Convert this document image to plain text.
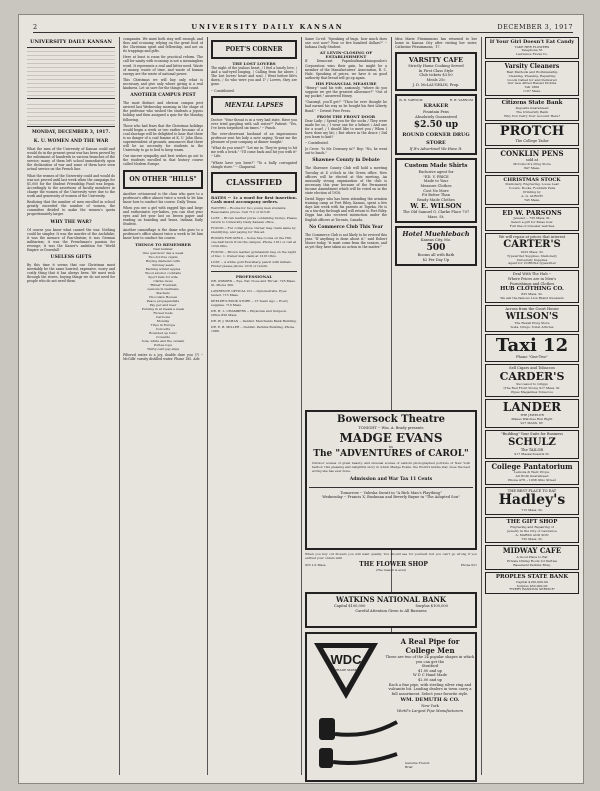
2	UNIVERSITY DAILY KANSAN	DECEMBER 3, 1917
UNIVERSITY DAILY KANSAN
MONDAY, DECEMBER 3, 1917.
K. U. WOMEN AND THE WAR

What the men of the University of Kansas could and would do in the present great war has been proved by the enlistment of hundreds in various branches of the service; many of them left school immediately upon the declaration of war and some of them have seen actual service on the French line.

What the women of the University could and would do was not proved until last week when the campaign for $1,000 for the Student Friendship Fund was begun. Accordingly to the assertions of faculty members in charge the women of the University were due to the work and generosity of women of the University.

Realizing that the number of men enrolled in school greatly exceeded the number of women, the committee divided to make the women's quota proportionately larger.

WHY THE WAR?

Of course you know what caused the war. Nothing could be simpler. It was the murder of the Archduke; it was the menace of Pan-slavism; it was German militarism; it was the Frenchman's passion for revenge; it was the Kaiser's ambition for 'World Empire or Downfall.'

USELESS GIFTS

By this time it seems that our Christmas must inevitably be the same hurried, expensive, worry and costly thing that it has always been. We must rush through the stores, buying things we do not need for people who do not need them.

companies. We must both stay well enough, and thus and economy, relying on the great food of the Christmas spirit and fellowship, and not on its trappings and gifts.

Here at least is room for practical reform. The call for sanity with economy is not a meaningless word. It represents a real and bitter need. Waste of money, waste of time, and waste of human energy are the waste of national power.

This Christmas we will buy only what is necessary and give only where giving is a real kindness. Let us save for the things that count.

ANOTHER CAMPUS PEST

The most distinct and obvious campus pest arrived last Wednesday morning in the shape of the professor who wished the students a joyous holiday and then assigned a quiz for the Monday following.

Those who had fears that the Christmas holidays would begin a week or two earlier because of a coal shortage will be delighted to hear that there is no danger of a coal famine at K. U. John Shea, superintendent of grounds, announces that there will be no necessity for students in the University to go to bed to keep warm.

Our sincere sympathy and best wishes go out to the students enrolled in that history course called Modern Europe.

ON OTHER "HILLS"

Another cottonwood is the class who gave to a professor's office almost twice a week to let him know how to conduct his course. Daily Texan.

When you see a girl with ragged lips and large and enthusiastic eye-lashes, you can shut your eyes and bet your last on brown paper and reading on boarding and brass. Indiana Daily Student.

Another camouflage is the dame who goes to a professor's office almost twice a week to let him know how to conduct his course.

THINGS TO REMEMBER
Nail number
One quiz-hour day a week
Two-for-five cigars
Buying diamond cuffs
Subway seats
Packing winter apples
Wood alcohol cocktails
Sport hats for wife
Clarke moss
"Ritual" Fountain
Lemons in Germans
Slackers
Chocolate Houses
Peace propagandists
Pay per and beer
Pursing in at meals a week
Flower beds
Cartoons
Monday
Trips in Europe
Concerts
Rounded up tonic
Cowards
Sole, white and the cerasin
Puttee tops
Thirty-cent pay-slips

Filtered water is a joy, double dare you (?) -- McGills' varsity distilled water. Phone 185. Adv.

POET'S CORNER
THE LOST LOVERS

The night of the jealous heart, / I feel a lonely love, / And a sad-eyed longing, / Calling from far above. / The lost lovers' heart and soul, / Went before life's dawn, / So who were you and I? / Lovers, they are gone.

-- Contributed.

MENTAL LAPSES

Doctor: "Your throat is in a very bad state. Have you ever tried gargling with salt water?" Patient: "Yes, I've been torpedoed six times." -- Punch.

The ever-observant husband of an impecunious professor sent his lady a note saying 'Grant me the pleasure of your company at dinner tonight.'

"What do you want?" "Let me in. They're going to hit me with a brick." "I'll come back and hit you with it" -- Life.

"Where have you been?" "To a bully corrugated shingle store." -- Chaparral.

CLASSIFIED

RATES -- 1c a word for first insertion. Cash must accompany orders.

WANTED -- Rooms for two young men students. Reasonable prices. Call 712 or 915-W.
LOST -- Brown leather purse containing money. Please return to University Daily Kansan office.
FOUND -- Fur collar glove. Owner may claim same by identifying, and paying for this ad.
ROOMS FOR GIRLS -- Some fine rooms on the Hill, one-half block from the campus. Phone 1161 or call at 1234 Ohio.
FOUND -- Brown leather gymnasium bag on the night of Dec. 1. Owner may claim at 1216 Ohio.
LOST -- A white gold Eversharp pencil with initials. Finder please phone 1218 or return.
PROFESSIONAL
DR. OSBORN -- Eye, Ear, Nose and Throat. 725 Mass. St. Phone 300.
LAWRENCE OPTICAL CO. -- Optometrists. Eyes tested. 713 Mass.
KEELER'S BOOK STORE -- 15 Years Ago -- Every supplies. 710 Mass.
DR. H. L. CHAMBERS -- Physician and Surgeon. Office 820 Mass.
DR. W. J. MAHAN -- Dentist. Merchants Bank Building.
DR. E. B. MILLER -- Dentist. Perkins Building, Phone 1086.

Same Co-ed: "Speaking of bugs, how much does one cost now? Four or five hundred dollars?" -- Indiana Daily Student.

AT LEVIN-CLOSING OF ESTABLISHMENT

If Democrat Papadoultamaktanopoulos's Corporation wins their gain, he might be a member of the Manufacturers' Association, R. C. Hale. Speaking of prices, we have it on good authority that bread will go up again.

HIS FINANCIAL MEASURE

"Henry," said his wife, anxiously, "where do you suppose we get the greatest allowance?" "Out of my pocket," answered Henry.

"Gazomyl, you'll get!" "Thou be ever thought he had earned his way as he bought his first Liberty Bond." -- Detroit Free Press.

FROM THE FRONT DOOR

Dear Lady: / Spend you for the socks / They were made for so, / I wear one for a helmet / And one for a scarf, / I should like to meet you / When I have done my bit; / But where in the deuce / Did you learn to knit?

-- Contributed.

Jo Crow: "Is Mr. Dowsney in?" Boy: "No, he went out to lunch."

Shawnee County in Debate

The Shawnee County Club will hold a meeting Tuesday at 4 o'clock in the Green office. New officers will be elected at this meeting. An unusually strong organization of the club is necessary this year because of the Permanent Income Amendment which will be voted on in the state election of 1918.

David Dipps who has been attending the aviation training camp at Fort Riley, Kansas, spent a few days last week with his parents at Topeka. He is on a ten-day furlough and will return to Fort Riley. Dipps has also received instruction under the English officers at Toronto, Canada.

No Commerce Club This Year

The Commerce Club is not likely to be revived this year. "If anything is done about it," said Robert Moore today, "it must come from the seniors, and as yet they have taken no action in the matter."

Miss Marie Fitzsimmons has returned to her home in Kansas City after visiting her sister, Catherine Fitzsimmons, '17.

VARSITY CAFE
Strictly Home Cooking Served
In First Class Style
Club tickets $3.00
Meals 25c
J. D. McLAUGHLIN, Prop.
W. H. VARNUM	R. H. VARNUM
KRAKER
Fountain Pens
Absolutely Guaranteed
$2.50 up
ROUND CORNER DRUG STORE
If It's Advertised We Have It.
Custom Made Shirts
Exclusive agent for
"ED. V. PRICE
Made to Your
Measure Clothes
Cost No More
Fit Better Than
Ready Made Clothes
W. E. WILSON
The Old Samuel G. Clarke Place 707 Mass. St.
Hotel Muehlebach
Kansas City, Mo.
500
Rooms all with Bath
$2 Per Day Up
Bowersock Theatre
TONIGHT -- Wm. A. Brady presents
MADGE EVANS
in
The "ADVENTURES of CAROL"

Outdoor scenes of great beauty, and unusual scenes of seldom photographed portions of New York harbor; this pleasing and delightful story in which Madge Evans, the World's kiddie star, does the best acting she has ever done.

Admission and War Tax 11 Cents
Tomorrow -- Valeska Suratt in "A Rich Man's Plaything"
Wednesday -- Francis X. Bushman and Beverly Bayne in "The Adopted Son"

When you buy cut flowers you will want quality. You should see for yourself, but you can't go wrong if you entrust your orders with

825 1/2 Mass.	THE FLOWER SHOP	Phone 621
(The reason is ever)
WATKINS NATIONAL BANK
Capital $100,000	Surplus $100,000
Careful Attention Given to All Business
WDC
TRADE MARK
A Real Pipe for College Men
These are two of the 24 popular shapes in which you can get the
Stratford
$1.00 and up
W D C Hand Made
$2.00 and up
Each a fine pipe, with sterling silver ring and vulcanite bit. Leading dealers in town carry a full assortment. Select your favorite style.
WM. DEMUTH & CO.
New York
World's Largest Pipe Manufacturers
Genuine French Briar
If Your Girl Doesn't Eat Candy
TAKE HER FLOWERS
Telephone 55
Lawrence Floral Co.
Varsity Cleaners
Best Methods and Workmanship
Cleaning, Pressing, Repairing
Goods Called for and Delivered
Our new Alfred Helsler Pickins
Tell 1800
1107 Mass.
Citizens State Bank
Deposits Guaranteed
The University Bank
Why Not Carry Your Account Here?
PROTCH
The College Tailor
CONKLIN PENS
sold at
McColloch's Drug Store
847 Mass.
CHRISTMAS STOCK
Stationery, Engraving, Loose Leaf
Covers, Books, Fountain Pens
Printing by
A. G. ALRICH
745 Mass.
ED W. PARSONS
Jeweler -- 725 Mass. St.
Select a gift for Xmas now.
Full line of bracelet watches
We will repair at prices that interest
CARTER'S
1025 Mass. St.
Typewriter Supplies, Stationery
University Supplies
Agent for CORONA typewriter
Deal With The Hub --
Where Prices are in Men's
Furnishings and Clothes
HUB CLOTHING CO.
825 Mass. St.
We sell the famous Lion Brand Sweaters
Across from the Court House
WILSON'S
The Rexall Drug Store
Soda, Drugs, Toilet Articles
Taxi 12
Phone "One-Two"
Sell Cigars and Tobaccos
CARDER'S
Successor to Griggs
(The Red Front Store) 917 Mass. St.
Pipes Magazines Tobaccos
LANDER
THE JEWELER
Makes Watches Run Right
917 MASS. ST.
"Building" Your Suits for Business
SCHULZ
The TAILOR
917 Massachusetts St.
College Pantatorium
Lemons & Weir, Props.
All Work Guaranteed
Phone 478 -- 1038 Ohio Street
THE BEST PLACE TO EAT
Hadley's
715 Mass. St.
THE GIFT SHOP
Engraving and Repairing of
Jewelry in the City of Lawrence
A. MARKS AND SON
735 Mass. St.
MIDWAY CAFE
A Good Place to Eat
Private Dining Room for Parties
Basement Perkins Bldg.
PROPLES STATE BANK
Capital $100,000.00
Surplus $50,000.00
"EVERY BANKING SERVICE"
